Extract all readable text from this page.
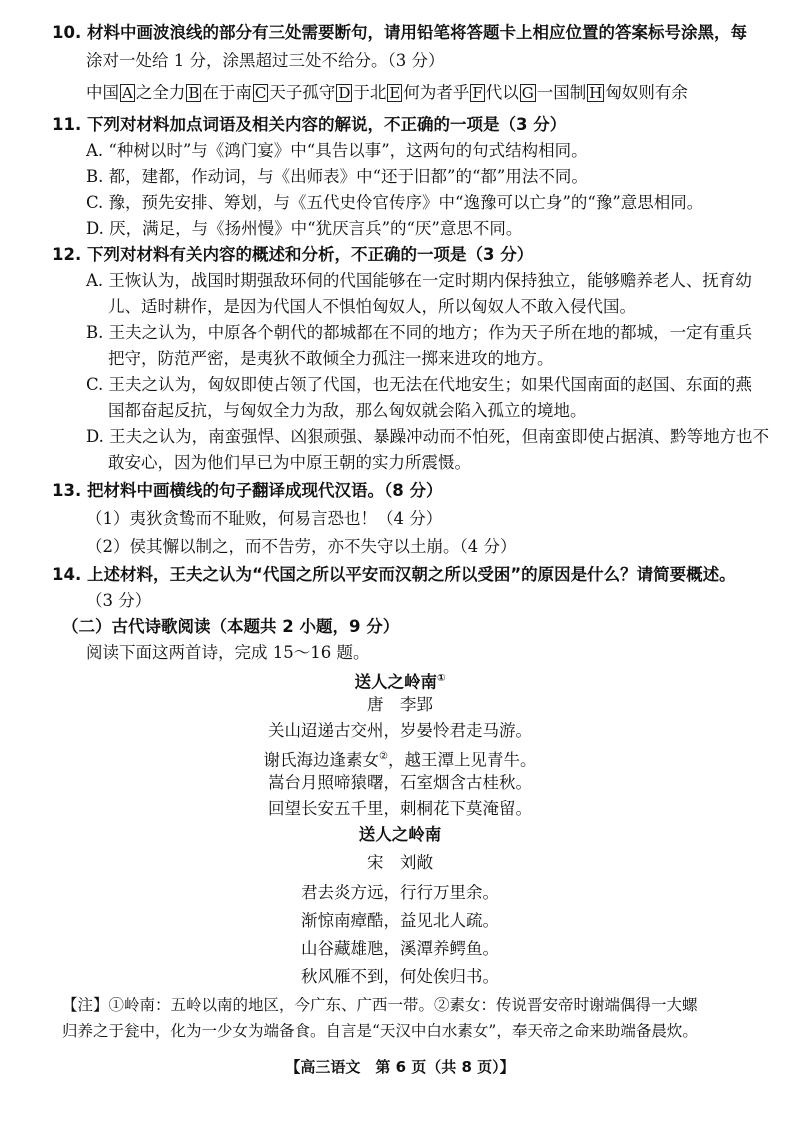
10. 材料中画波浪线的部分有三处需要断句，请用铅笔将答题卡上相应位置的答案标号涂黑，每
涂对一处给 1 分，涂黑超过三处不给分。（3 分）
中国 A 之全力 B 在于南 C 天子孤守 D 于北 E 何为者乎 F 代以 G 一国制 H 匈奴则有余
11. 下列对材料加点词语及相关内容的解说，不正确的一项是（3 分）
A. “种树以时”与《鸿门宴》中“具告以事”，这两句的句式结构相同。
B. 都，建都，作动词，与《出师表》中“还于旧都”的“都”用法不同。
C. 豫，预先安排、筹划，与《五代史伶官传序》中“逸豫可以亡身”的“豫”意思相同。
D. 厌，满足，与《扬州慢》中“犹厌言兵”的“厌”意思不同。
12. 下列对材料有关内容的概述和分析，不正确的一项是（3 分）
A. 王恢认为，战国时期强敌环伺的代国能够在一定时期内保持独立，能够赡养老人、抚育幼
儿、适时耕作，是因为代国人不惧怕匈奴人，所以匈奴人不敢入侵代国。
B. 王夫之认为，中原各个朝代的都城都在不同的地方；作为天子所在地的都城，一定有重兵
把守，防范严密，是夷狄不敢倾全力孤注一掷来进攻的地方。
C. 王夫之认为，匈奴即使占领了代国，也无法在代地安生；如果代国南面的赵国、东面的燕
国都奋起反抗，与匈奴全力为敌，那么匈奴就会陷入孤立的境地。
D. 王夫之认为，南蛮强悍、凶狠顽强、暴躁冲动而不怕死，但南蛮即使占据滇、黔等地方也不
敢安心，因为他们早已为中原王朝的实力所震慑。
13. 把材料中画横线的句子翻译成现代汉语。（8 分）
（1）夷狄贪鸷而不耻败，何易言恐也！（4 分）
（2）侯其懈以制之，而不告劳，亦不失守以土崩。（4 分）
14. 上述材料，王夫之认为“代国之所以平安而汉朝之所以受困”的原因是什么？请简要概述。
（3 分）
（二）古代诗歌阅读（本题共 2 小题，9 分）
阅读下面这两首诗，完成 15～16 题。
送人之岭南①
唐　李郢
关山迢递古交州，岁晏怜君走马游。
谢氏海边逢素女②，越王潭上见青牛。
嵩台月照啼猿曙，石室烟含古桂秋。
回望长安五千里，刺桐花下莫淹留。
送人之岭南
宋　刘敞
君去炎方远，行行万里余。
渐惊南瘴酷，益见北人疏。
山谷藏雄虺，溪潭养鳄鱼。
秋风雁不到，何处俟归书。
【注】①岭南：五岭以南的地区，今广东、广西一带。②素女：传说晋安帝时谢端偶得一大螺
归养之于瓮中，化为一少女为端备食。自言是“天汉中白水素女”，奉天帝之命来助端备晨炊。
【高三语文　第 6 页（共 8 页）】
